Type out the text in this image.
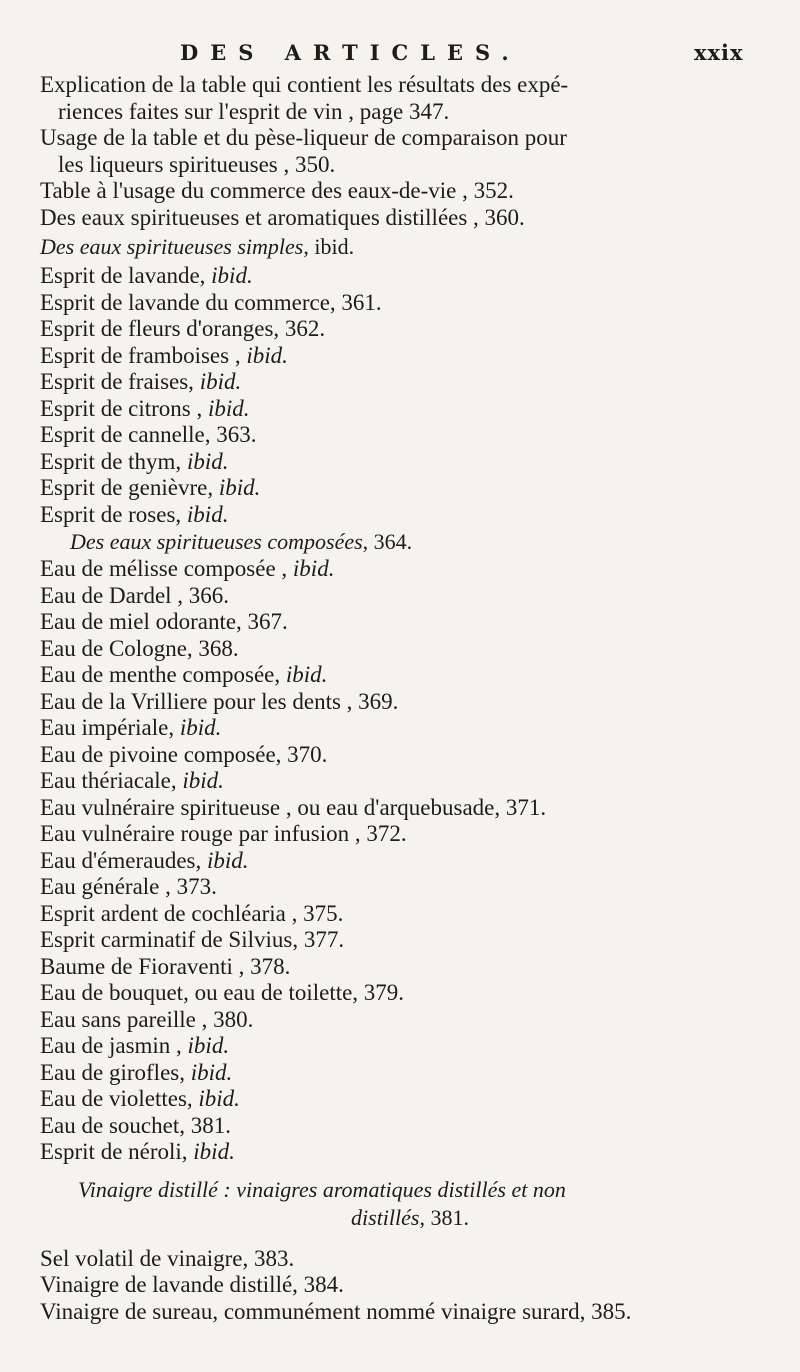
DES ARTICLES.	xxix
Explication de la table qui contient les résultats des expé-
riences faites sur l'esprit de vin , page 347.
Usage de la table et du pèse-liqueur de comparaison pour
les liqueurs spiritueuses , 350.
Table à l'usage du commerce des eaux-de-vie , 352.
Des eaux spiritueuses et aromatiques distillées , 360.
Des eaux spiritueuses simples, ibid.
Esprit de lavande, ibid.
Esprit de lavande du commerce, 361.
Esprit de fleurs d'oranges, 362.
Esprit de framboises , ibid.
Esprit de fraises, ibid.
Esprit de citrons , ibid.
Esprit de cannelle, 363.
Esprit de thym, ibid.
Esprit de genièvre, ibid.
Esprit de roses, ibid.
Des eaux spiritueuses composées, 364.
Eau de mélisse composée , ibid.
Eau de Dardel , 366.
Eau de miel odorante, 367.
Eau de Cologne, 368.
Eau de menthe composée, ibid.
Eau de la Vrilliere pour les dents , 369.
Eau impériale, ibid.
Eau de pivoine composée, 370.
Eau thériacale, ibid.
Eau vulnéraire spiritueuse , ou eau d'arquebusade, 371.
Eau vulnéraire rouge par infusion , 372.
Eau d'émeraudes, ibid.
Eau générale , 373.
Esprit ardent de cochléaria , 375.
Esprit carminatif de Silvius, 377.
Baume de Fioraventi , 378.
Eau de bouquet, ou eau de toilette, 379.
Eau sans pareille , 380.
Eau de jasmin , ibid.
Eau de girofles, ibid.
Eau de violettes, ibid.
Eau de souchet, 381.
Esprit de néroli, ibid.
Vinaigre distillé : vinaigres aromatiques distillés et non
distillés, 381.
Sel volatil de vinaigre, 383.
Vinaigre de lavande distillé, 384.
Vinaigre de sureau, communément nommé vinaigre surard, 385.
